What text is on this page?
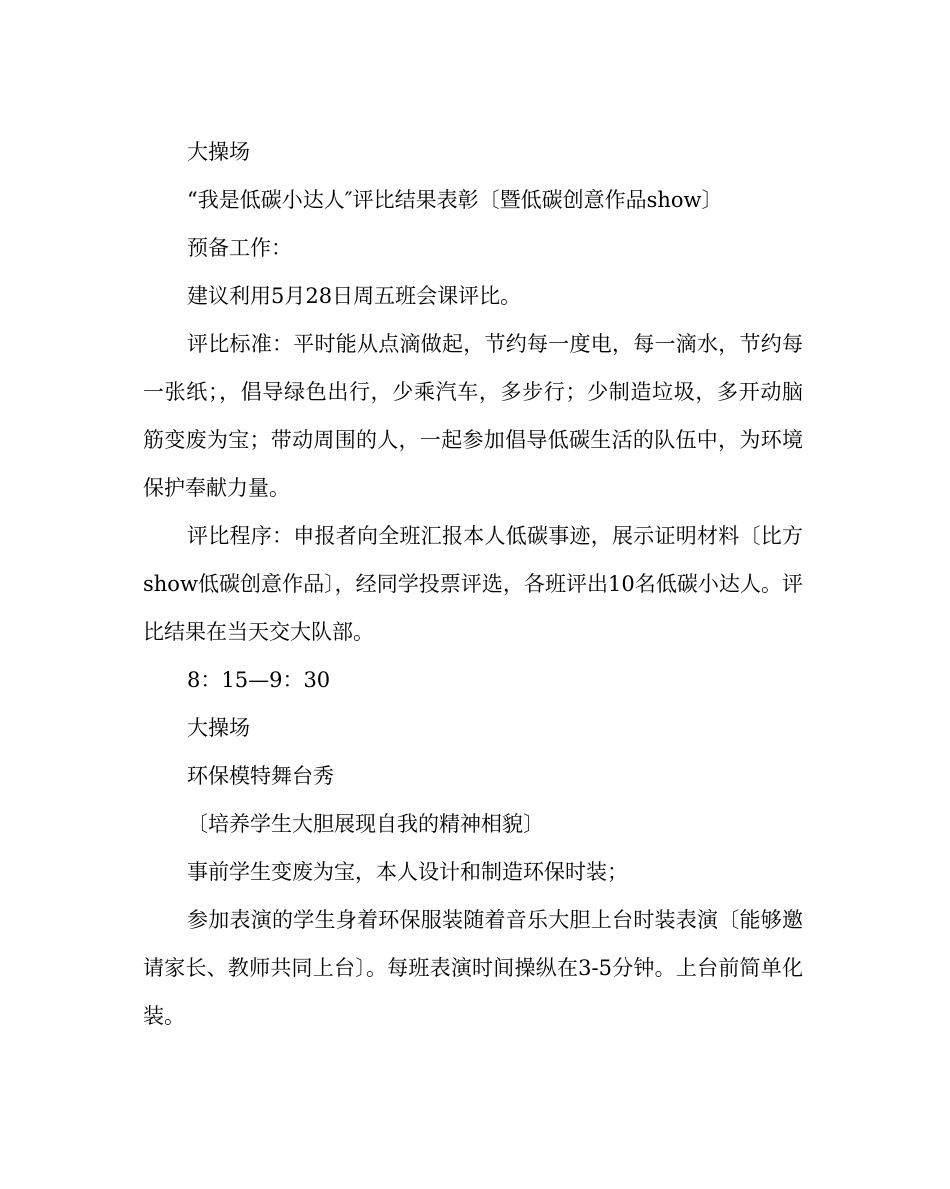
大操场

“我是低碳小达人″评比结果表彰〔暨低碳创意作品show〕

预备工作：

建议利用5月28日周五班会课评比。

评比标准：平时能从点滴做起，节约每一度电，每一滴水，节约每一张纸；，倡导绿色出行，少乘汽车，多步行；少制造垃圾，多开动脑筋变废为宝；带动周围的人，一起参加倡导低碳生活的队伍中，为环境保护奉献力量。

评比程序：申报者向全班汇报本人低碳事迹，展示证明材料〔比方show低碳创意作品〕，经同学投票评选，各班评出10名低碳小达人。评比结果在当天交大队部。

8：15—9：30

大操场

环保模特舞台秀

〔培养学生大胆展现自我的精神相貌〕

事前学生变废为宝，本人设计和制造环保时装；

参加表演的学生身着环保服装随着音乐大胆上台时装表演〔能够邀请家长、教师共同上台〕。每班表演时间操纵在3-5分钟。上台前简单化装。
